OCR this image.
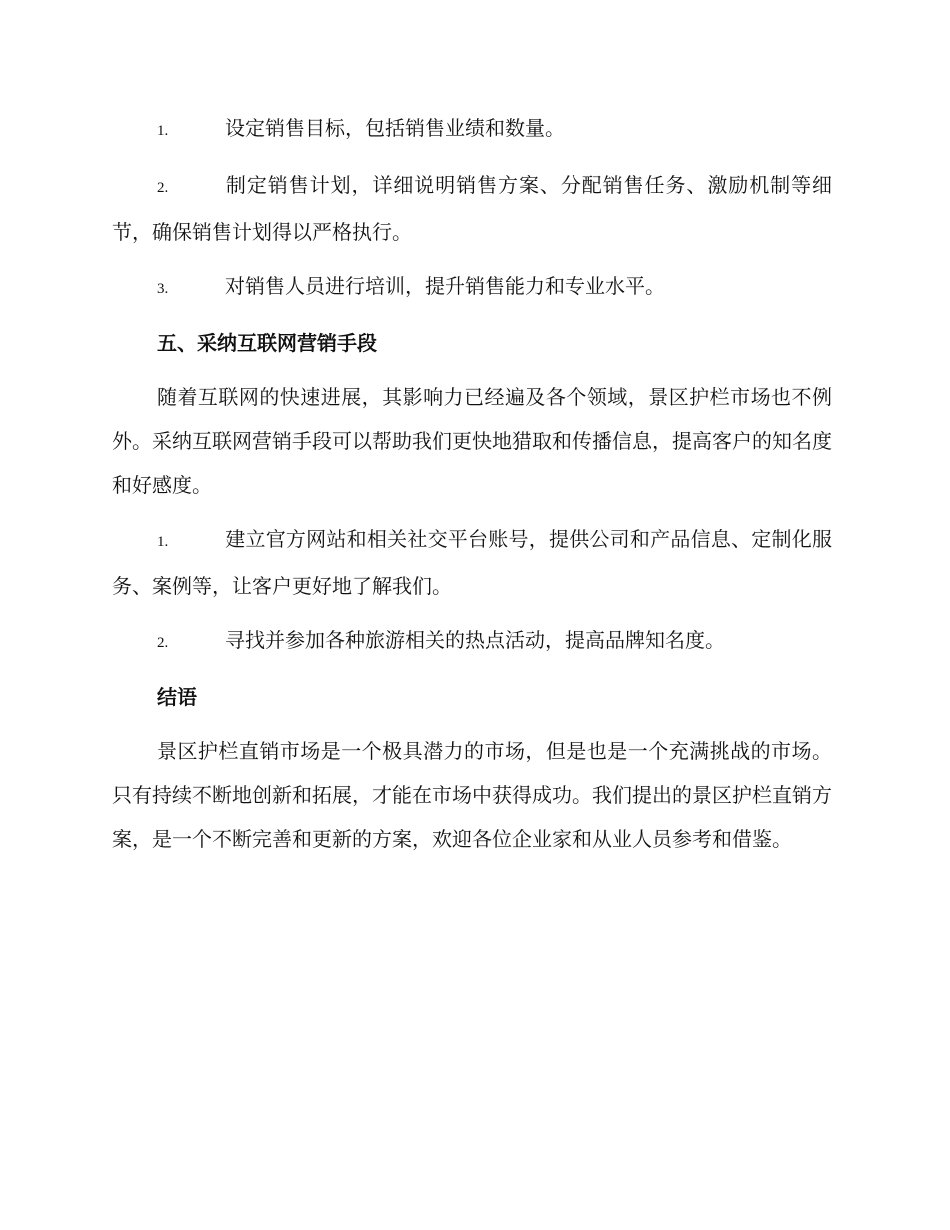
1.	设定销售目标，包括销售业绩和数量。

2.	制定销售计划，详细说明销售方案、分配销售任务、激励机制等细节，确保销售计划得以严格执行。

3.	对销售人员进行培训，提升销售能力和专业水平。

五、采纳互联网营销手段

随着互联网的快速进展，其影响力已经遍及各个领域，景区护栏市场也不例外。采纳互联网营销手段可以帮助我们更快地猎取和传播信息，提高客户的知名度和好感度。

1.	建立官方网站和相关社交平台账号，提供公司和产品信息、定制化服务、案例等，让客户更好地了解我们。

2.	寻找并参加各种旅游相关的热点活动，提高品牌知名度。

结语

景区护栏直销市场是一个极具潜力的市场，但是也是一个充满挑战的市场。只有持续不断地创新和拓展，才能在市场中获得成功。我们提出的景区护栏直销方案，是一个不断完善和更新的方案，欢迎各位企业家和从业人员参考和借鉴。
